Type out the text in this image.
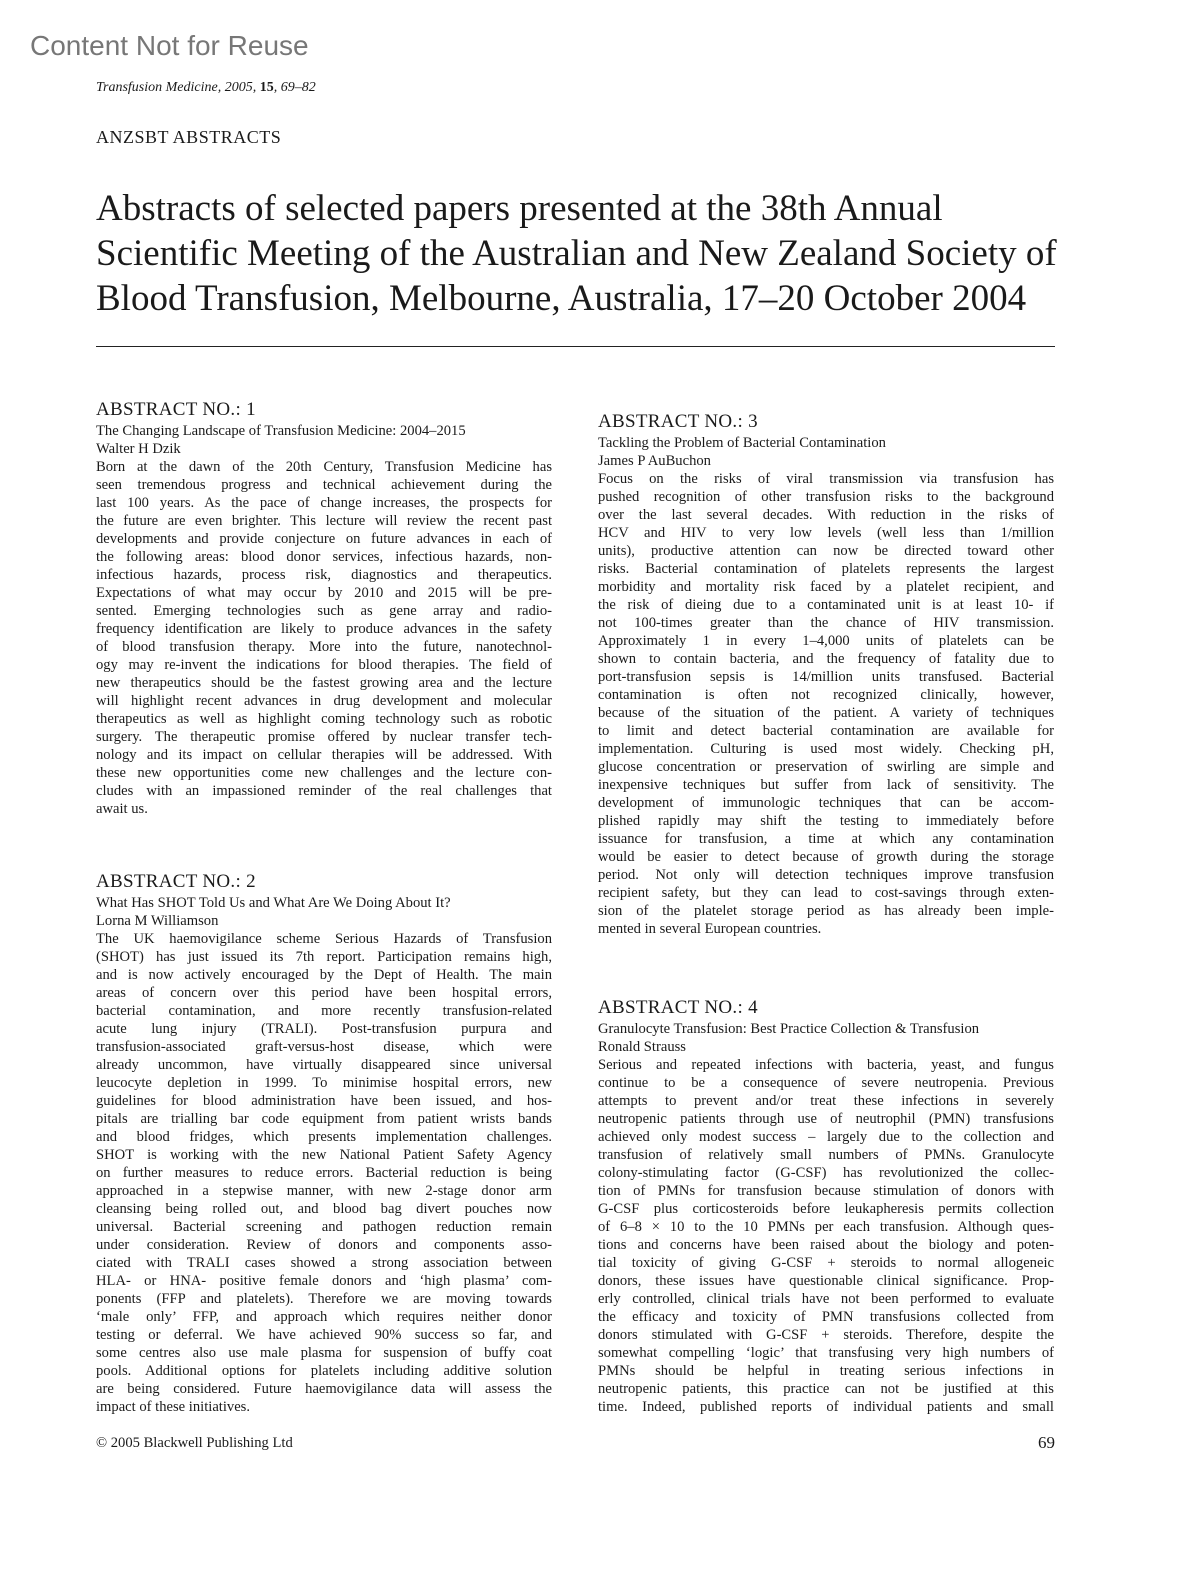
Content Not for Reuse
Transfusion Medicine, 2005, 15, 69–82
ANZSBT ABSTRACTS
Abstracts of selected papers presented at the 38th Annual Scientific Meeting of the Australian and New Zealand Society of Blood Transfusion, Melbourne, Australia, 17–20 October 2004
ABSTRACT NO.: 1
The Changing Landscape of Transfusion Medicine: 2004–2015
Walter H Dzik
Born at the dawn of the 20th Century, Transfusion Medicine has
seen tremendous progress and technical achievement during the
last 100 years. As the pace of change increases, the prospects for
the future are even brighter. This lecture will review the recent past
developments and provide conjecture on future advances in each of
the following areas: blood donor services, infectious hazards, non-
infectious hazards, process risk, diagnostics and therapeutics.
Expectations of what may occur by 2010 and 2015 will be pre-
sented. Emerging technologies such as gene array and radio-
frequency identification are likely to produce advances in the safety
of blood transfusion therapy. More into the future, nanotechnol-
ogy may re-invent the indications for blood therapies. The field of
new therapeutics should be the fastest growing area and the lecture
will highlight recent advances in drug development and molecular
therapeutics as well as highlight coming technology such as robotic
surgery. The therapeutic promise offered by nuclear transfer tech-
nology and its impact on cellular therapies will be addressed. With
these new opportunities come new challenges and the lecture con-
cludes with an impassioned reminder of the real challenges that
await us.
ABSTRACT NO.: 2
What Has SHOT Told Us and What Are We Doing About It?
Lorna M Williamson
The UK haemovigilance scheme Serious Hazards of Transfusion
(SHOT) has just issued its 7th report. Participation remains high,
and is now actively encouraged by the Dept of Health. The main
areas of concern over this period have been hospital errors,
bacterial contamination, and more recently transfusion-related
acute lung injury (TRALI). Post-transfusion purpura and
transfusion-associated graft-versus-host disease, which were
already uncommon, have virtually disappeared since universal
leucocyte depletion in 1999. To minimise hospital errors, new
guidelines for blood administration have been issued, and hos-
pitals are trialling bar code equipment from patient wrists bands
and blood fridges, which presents implementation challenges.
SHOT is working with the new National Patient Safety Agency
on further measures to reduce errors. Bacterial reduction is being
approached in a stepwise manner, with new 2-stage donor arm
cleansing being rolled out, and blood bag divert pouches now
universal. Bacterial screening and pathogen reduction remain
under consideration. Review of donors and components asso-
ciated with TRALI cases showed a strong association between
HLA- or HNA- positive female donors and ‘high plasma’ com-
ponents (FFP and platelets). Therefore we are moving towards
‘male only’ FFP, and approach which requires neither donor
testing or deferral. We have achieved 90% success so far, and
some centres also use male plasma for suspension of buffy coat
pools. Additional options for platelets including additive solution
are being considered. Future haemovigilance data will assess the
impact of these initiatives.
ABSTRACT NO.: 3
Tackling the Problem of Bacterial Contamination
James P AuBuchon
Focus on the risks of viral transmission via transfusion has
pushed recognition of other transfusion risks to the background
over the last several decades. With reduction in the risks of
HCV and HIV to very low levels (well less than 1/million
units), productive attention can now be directed toward other
risks. Bacterial contamination of platelets represents the largest
morbidity and mortality risk faced by a platelet recipient, and
the risk of dieing due to a contaminated unit is at least 10- if
not 100-times greater than the chance of HIV transmission.
Approximately 1 in every 1–4,000 units of platelets can be
shown to contain bacteria, and the frequency of fatality due to
port-transfusion sepsis is 14/million units transfused. Bacterial
contamination is often not recognized clinically, however,
because of the situation of the patient. A variety of techniques
to limit and detect bacterial contamination are available for
implementation. Culturing is used most widely. Checking pH,
glucose concentration or preservation of swirling are simple and
inexpensive techniques but suffer from lack of sensitivity. The
development of immunologic techniques that can be accom-
plished rapidly may shift the testing to immediately before
issuance for transfusion, a time at which any contamination
would be easier to detect because of growth during the storage
period. Not only will detection techniques improve transfusion
recipient safety, but they can lead to cost-savings through exten-
sion of the platelet storage period as has already been imple-
mented in several European countries.
ABSTRACT NO.: 4
Granulocyte Transfusion: Best Practice Collection & Transfusion
Ronald Strauss
Serious and repeated infections with bacteria, yeast, and fungus
continue to be a consequence of severe neutropenia. Previous
attempts to prevent and/or treat these infections in severely
neutropenic patients through use of neutrophil (PMN) transfusions
achieved only modest success – largely due to the collection and
transfusion of relatively small numbers of PMNs. Granulocyte
colony-stimulating factor (G-CSF) has revolutionized the collec-
tion of PMNs for transfusion because stimulation of donors with
G-CSF plus corticosteroids before leukapheresis permits collection
of 6–8 × 10 to the 10 PMNs per each transfusion. Although ques-
tions and concerns have been raised about the biology and poten-
tial toxicity of giving G-CSF + steroids to normal allogeneic
donors, these issues have questionable clinical significance. Prop-
erly controlled, clinical trials have not been performed to evaluate
the efficacy and toxicity of PMN transfusions collected from
donors stimulated with G-CSF + steroids. Therefore, despite the
somewhat compelling ‘logic’ that transfusing very high numbers of
PMNs should be helpful in treating serious infections in
neutropenic patients, this practice can not be justified at this
time. Indeed, published reports of individual patients and small
© 2005 Blackwell Publishing Ltd	69
